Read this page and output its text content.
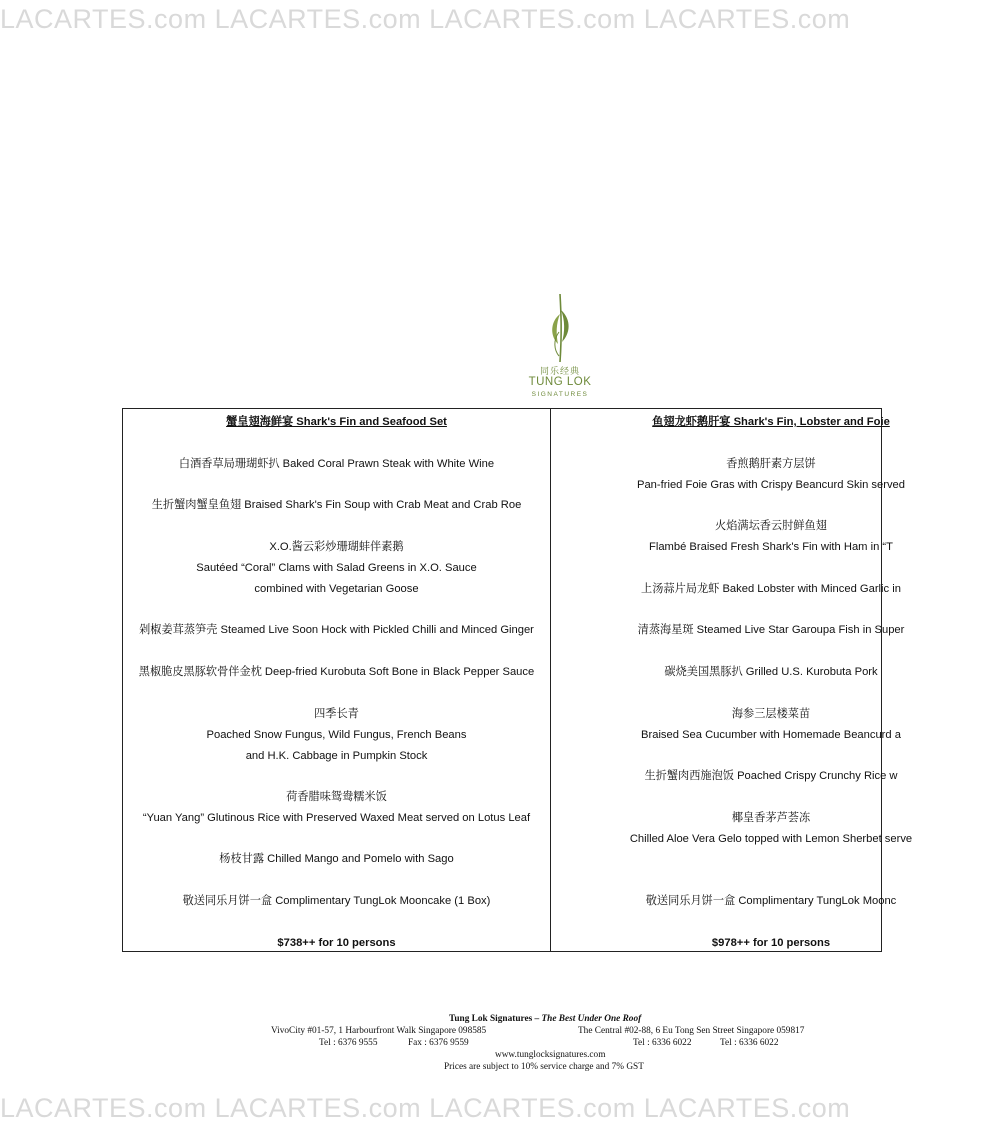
LACARTES.com LACARTES.com LACARTES.com LACARTES.com
同乐经典
TUNG LOK
SIGNATURES
蟹皇翅海鲜宴 Shark's Fin and Seafood Set
白酒香草局珊瑚虾扒 Baked Coral Prawn Steak with White Wine
生折蟹肉蟹皇鱼翅 Braised Shark's Fin Soup with Crab Meat and Crab Roe
X.O.酱云彩炒珊瑚蚌伴素鹅
Sautéed “Coral” Clams with Salad Greens in X.O. Sauce
combined with Vegetarian Goose
剁椒姜茸蒸笋壳 Steamed Live Soon Hock with Pickled Chilli and Minced Ginger
黑椒脆皮黑豚软骨伴金枕 Deep-fried Kurobuta Soft Bone in Black Pepper Sauce
四季长青
Poached Snow Fungus, Wild Fungus, French Beans
and H.K. Cabbage in Pumpkin Stock
荷香腊味鸳鸯糯米饭
“Yuan Yang” Glutinous Rice with Preserved Waxed Meat served on Lotus Leaf
杨枝甘露 Chilled Mango and Pomelo with Sago
敬送同乐月饼一盒 Complimentary TungLok Mooncake (1 Box)
$738++ for 10 persons
鱼翅龙虾鹅肝宴 Shark's Fin, Lobster and Foie
香煎鹅肝素方层饼
Pan-fried Foie Gras with Crispy Beancurd Skin served
火焰满坛香云肘鲜鱼翅
Flambé Braised Fresh Shark's Fin with Ham in “T
上汤蒜片局龙虾 Baked Lobster with Minced Garlic in
清蒸海星斑 Steamed Live Star Garoupa Fish in Super
碳烧美国黑豚扒 Grilled U.S. Kurobuta Pork
海参三层楼菜苗
Braised Sea Cucumber with Homemade Beancurd a
生折蟹肉西施泡饭 Poached Crispy Crunchy Rice w
椰皇香茅芦荟冻
Chilled Aloe Vera Gelo topped with Lemon Sherbet serve
敬送同乐月饼一盒 Complimentary TungLok Moonc
$978++ for 10 persons
Tung Lok Signatures – The Best Under One Roof
VivoCity #01-57, 1 Harbourfront Walk Singapore 098585	The Central #02-88, 6 Eu Tong Sen Street Singapore 059817
Tel : 6376 9555	Fax : 6376 9559	Tel : 6336 6022	Tel : 6336 6022
www.tunglocksignatures.com
Prices are subject to 10% service charge and 7% GST
LACARTES.com LACARTES.com LACARTES.com LACARTES.com
